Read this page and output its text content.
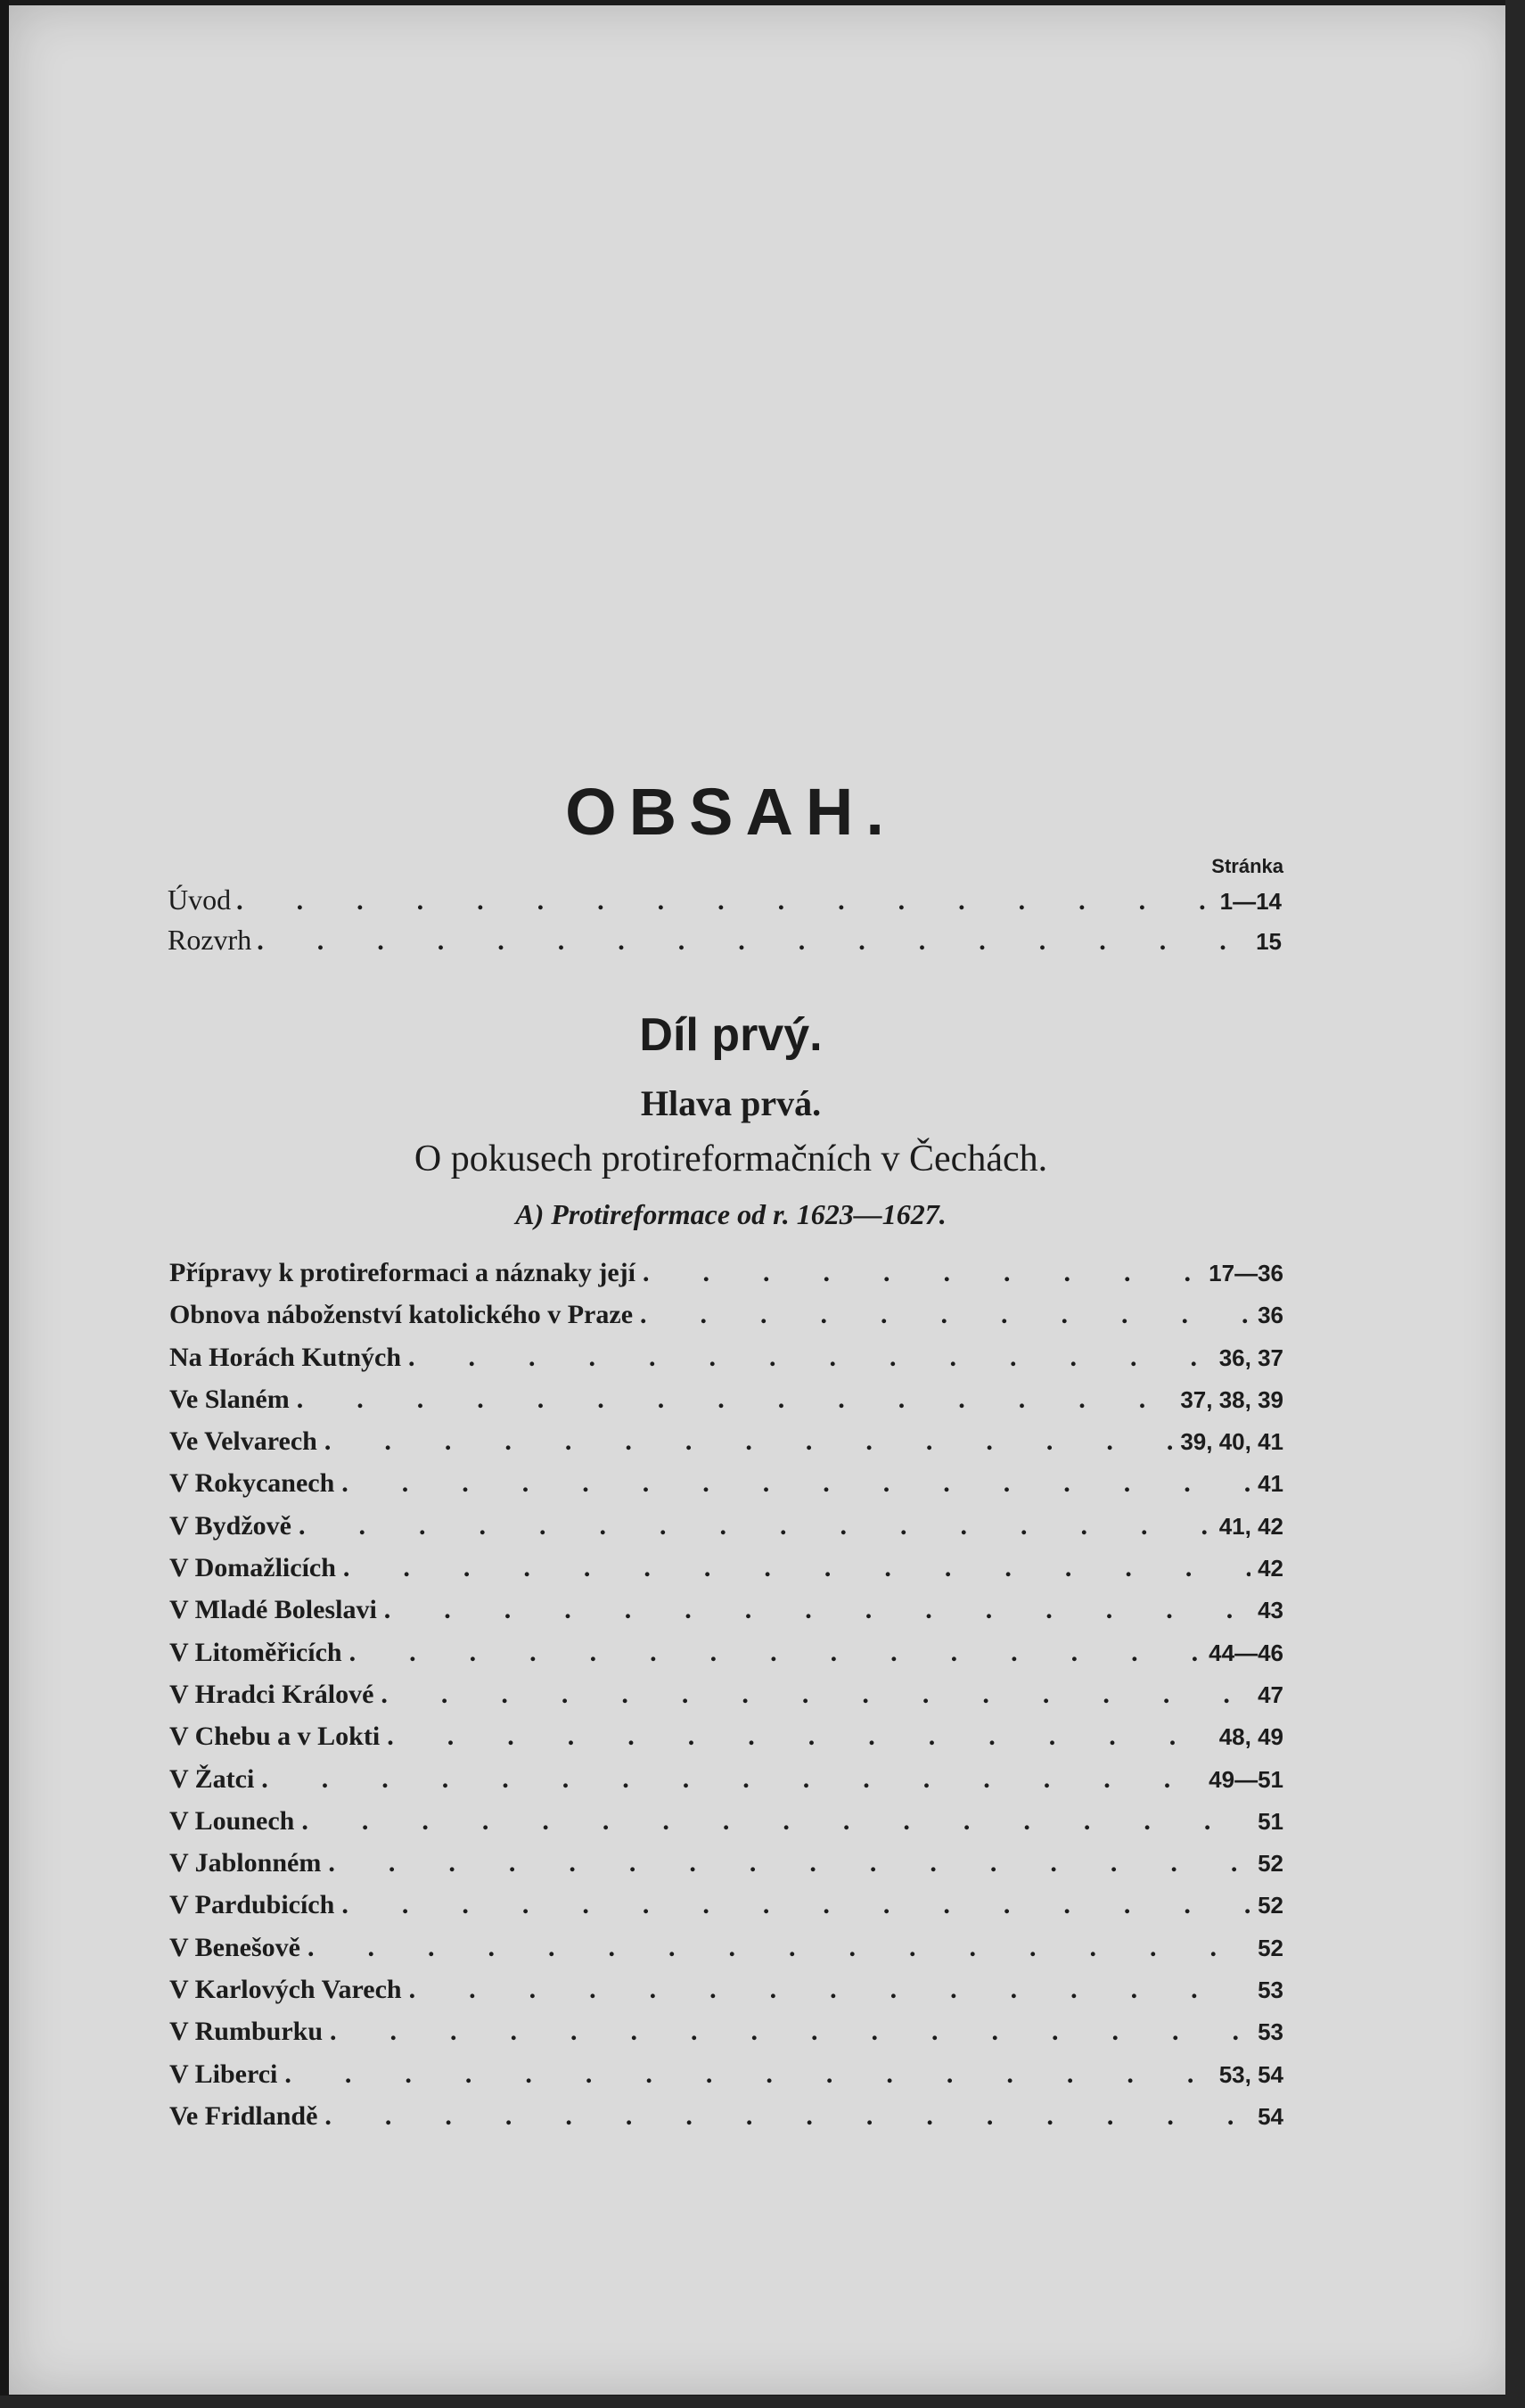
OBSAH.
Stránka
Úvod .	1—14
Rozvrh .	15
Díl prvý.
Hlava prvá.
O pokusech protireformačních v Čechách.
A) Protireformace od r. 1623—1627.
Přípravy k protireformaci a náznaky její .	17—36
Obnova náboženství katolického v Praze .	36
Na Horách Kutných .	36, 37
Ve Slaném .	37, 38, 39
Ve Velvarech .	39, 40, 41
V Rokycanech .	41
V Bydžově .	41, 42
V Domažlicích .	42
V Mladé Boleslavi .	43
V Litoměřicích .	44—46
V Hradci Králové .	47
V Chebu a v Lokti .	48, 49
V Žatci .	49—51
V Lounech .	51
V Jablonném .	52
V Pardubicích .	52
V Benešově .	52
V Karlových Varech .	53
V Rumburku .	53
V Liberci .	53, 54
Ve Fridlandě .	54
